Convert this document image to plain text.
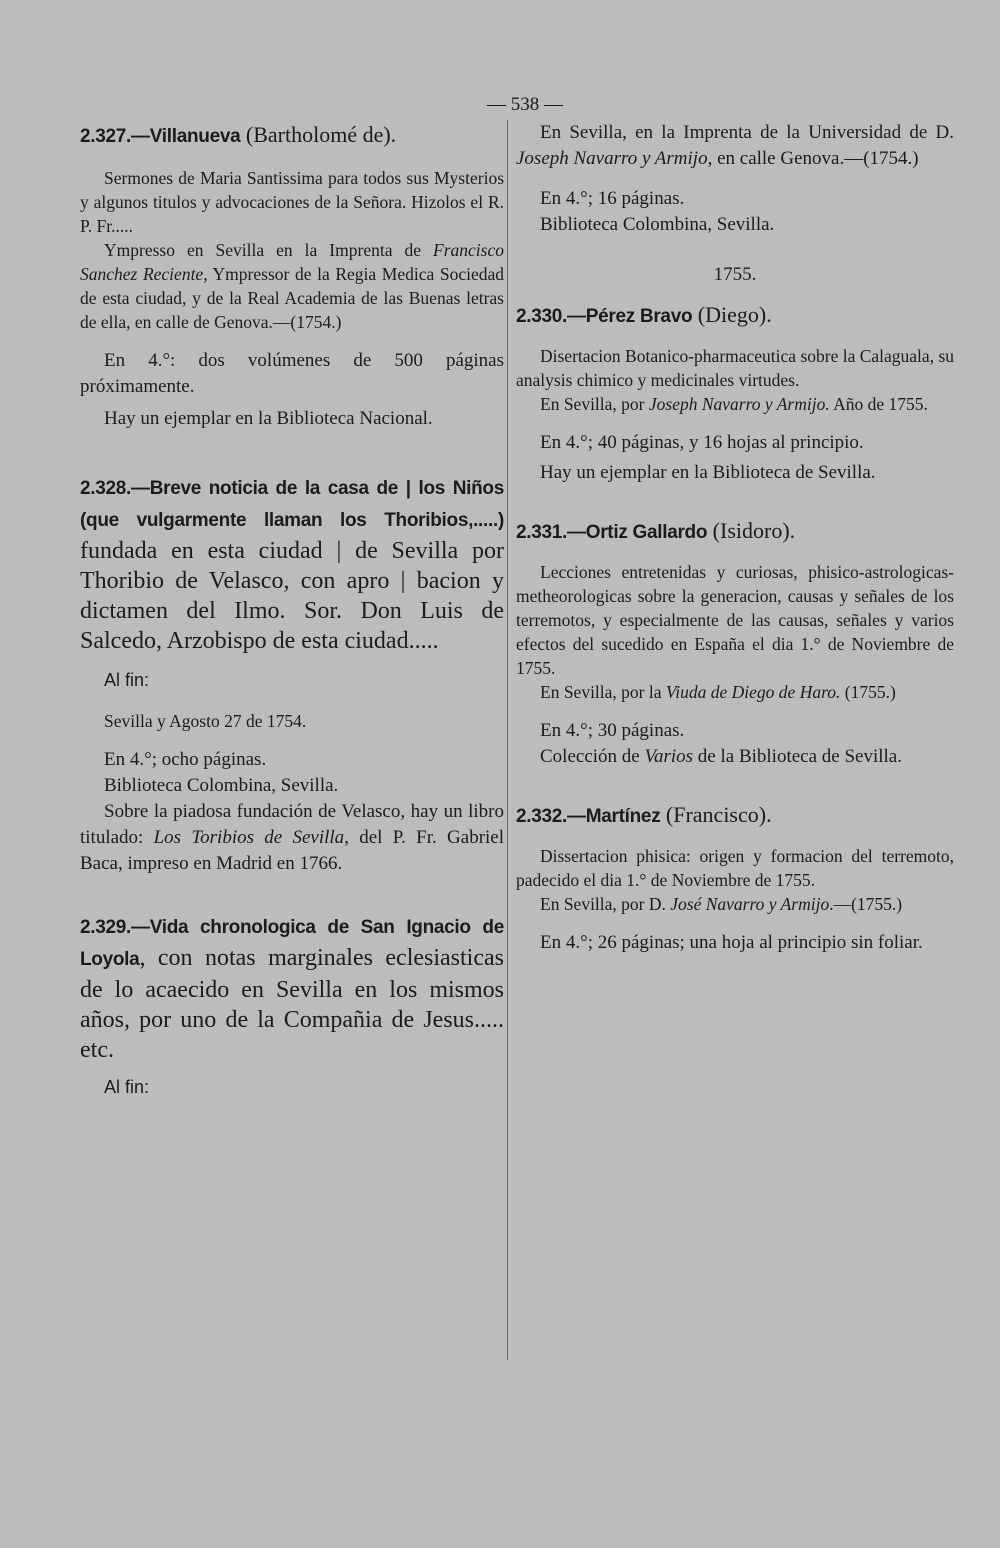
— 538 —
2.327.—Villanueva (Bartholomé de).

Sermones de Maria Santissima para todos sus Mysterios y algunos titulos y advocaciones de la Señora. Hizolos el R. P. Fr.....

Ympresso en Sevilla en la Imprenta de Francisco Sanchez Reciente, Ympressor de la Regia Medica Sociedad de esta ciudad, y de la Real Academia de las Buenas letras de ella, en calle de Genova.—(1754.)

En 4.°: dos volúmenes de 500 páginas próximamente.

Hay un ejemplar en la Biblioteca Nacional.

2.328.—Breve noticia de la casa de | los Niños (que vulgarmente llaman los Thoribios,.....) fundada en esta ciudad | de Sevilla por Thoribio de Velasco, con apro | bacion y dictamen del Ilmo. Sor. Don Luis de Salcedo, Arzobispo de esta ciudad.....

Al fin:

Sevilla y Agosto 27 de 1754.

En 4.°; ocho páginas.

Biblioteca Colombina, Sevilla.

Sobre la piadosa fundación de Velasco, hay un libro titulado: Los Toribios de Sevilla, del P. Fr. Gabriel Baca, impreso en Madrid en 1766.

2.329.—Vida chronologica de San Ignacio de Loyola, con notas marginales eclesiasticas de lo acaecido en Sevilla en los mismos años, por uno de la Compañia de Jesus..... etc.

Al fin:

En Sevilla, en la Imprenta de la Universidad de D. Joseph Navarro y Armijo, en calle Genova.—(1754.)

En 4.°; 16 páginas.

Biblioteca Colombina, Sevilla.

1755.
2.330.—Pérez Bravo (Diego).

Disertacion Botanico-pharmaceutica sobre la Calaguala, su analysis chimico y medicinales virtudes.

En Sevilla, por Joseph Navarro y Armijo. Año de 1755.

En 4.°; 40 páginas, y 16 hojas al principio.

Hay un ejemplar en la Biblioteca de Sevilla.

2.331.—Ortiz Gallardo (Isidoro).

Lecciones entretenidas y curiosas, phisico-astrologicas-metheorologicas sobre la generacion, causas y señales de los terremotos, y especialmente de las causas, señales y varios efectos del sucedido en España el dia 1.° de Noviembre de 1755.

En Sevilla, por la Viuda de Diego de Haro. (1755.)

En 4.°; 30 páginas.

Colección de Varios de la Biblioteca de Sevilla.

2.332.—Martínez (Francisco).

Dissertacion phisica: origen y formacion del terremoto, padecido el dia 1.° de Noviembre de 1755.

En Sevilla, por D. José Navarro y Armijo.—(1755.)

En 4.°; 26 páginas; una hoja al principio sin foliar.
